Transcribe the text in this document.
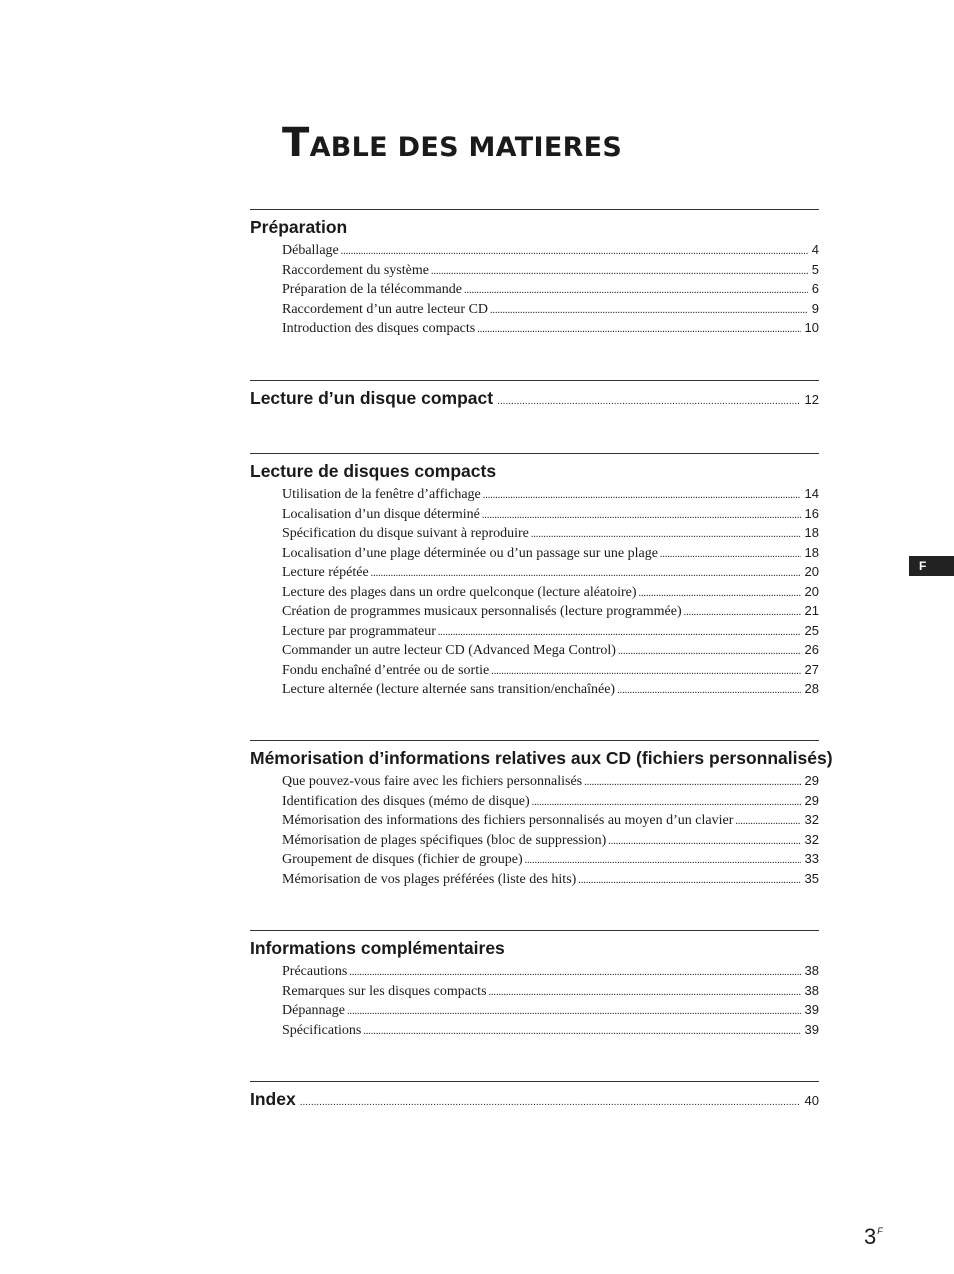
TABLE DES MATIERES
Préparation
Déballage .....	4
Raccordement du système .....	5
Préparation de la télécommande .....	6
Raccordement d’un autre lecteur CD .....	9
Introduction des disques compacts .....	10
Lecture d’un disque compact .....	12
Lecture de disques compacts
Utilisation de la fenêtre d’affichage .....	14
Localisation d’un disque déterminé .....	16
Spécification du disque suivant à reproduire .....	18
Localisation d’une plage déterminée ou d’un passage sur une plage .....	18
Lecture répétée .....	20
Lecture des plages dans un ordre quelconque (lecture aléatoire) .....	20
Création de programmes musicaux personnalisés (lecture programmée) .....	21
Lecture par programmateur .....	25
Commander un autre lecteur CD (Advanced Mega Control) .....	26
Fondu enchaîné d’entrée ou de sortie .....	27
Lecture alternée (lecture alternée sans transition/enchaînée) .....	28
Mémorisation d’informations relatives aux CD (fichiers personnalisés)
Que pouvez-vous faire avec les fichiers personnalisés .....	29
Identification des disques (mémo de disque) .....	29
Mémorisation des informations des fichiers personnalisés au moyen d’un clavier .....	32
Mémorisation de plages spécifiques (bloc de suppression) .....	32
Groupement de disques (fichier de groupe) .....	33
Mémorisation de vos plages préférées (liste des hits) .....	35
Informations complémentaires
Précautions .....	38
Remarques sur les disques compacts .....	38
Dépannage .....	39
Spécifications .....	39
Index .....	40
F
$3^F$
